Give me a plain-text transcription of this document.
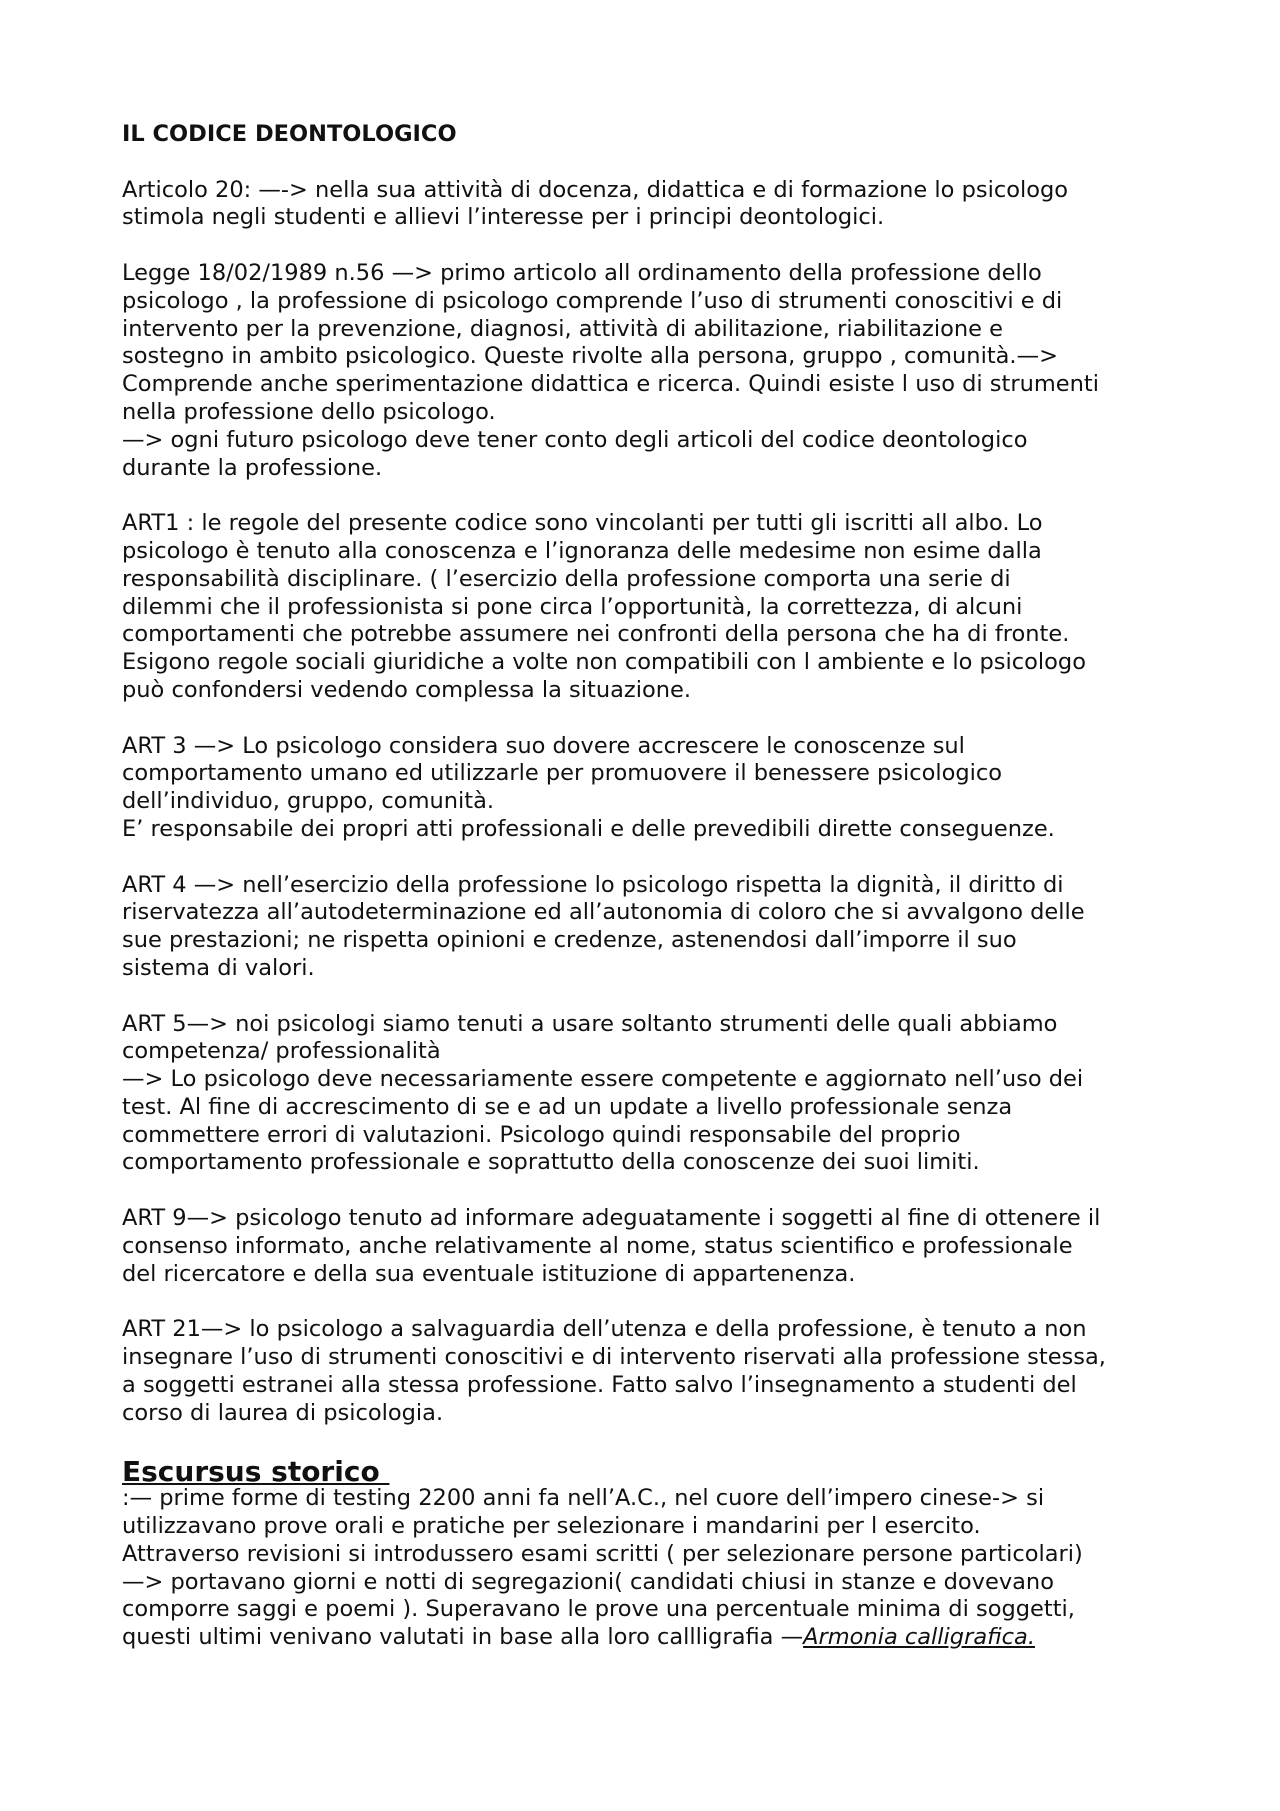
IL CODICE DEONTOLOGICO
Articolo 20: —-> nella sua attività di docenza, didattica e di formazione lo psicologo
stimola negli studenti e allievi l’interesse per i principi deontologici.
Legge 18/02/1989 n.56 —> primo articolo all ordinamento della professione dello
psicologo , la professione di psicologo comprende l’uso di strumenti conoscitivi e di
intervento per la prevenzione, diagnosi, attività di abilitazione, riabilitazione e
sostegno in ambito psicologico. Queste rivolte alla persona, gruppo , comunità.—>
Comprende anche sperimentazione didattica e ricerca. Quindi esiste l uso di strumenti
nella professione dello psicologo.
—> ogni futuro psicologo deve tener conto degli articoli del codice deontologico
durante la professione.
ART1 : le regole del presente codice sono vincolanti per tutti gli iscritti all albo. Lo
psicologo è tenuto alla conoscenza e l’ignoranza delle medesime non esime dalla
responsabilità disciplinare. ( l’esercizio della professione comporta una serie di
dilemmi che il professionista si pone circa l’opportunità, la correttezza, di alcuni
comportamenti che potrebbe assumere nei confronti della persona che ha di fronte.
Esigono regole sociali giuridiche a volte non compatibili con l ambiente e lo psicologo
può confondersi vedendo complessa la situazione.
ART 3 —> Lo psicologo considera suo dovere accrescere le conoscenze sul
comportamento umano ed utilizzarle per promuovere il benessere psicologico
dell’individuo, gruppo, comunità.
E’ responsabile dei propri atti professionali e delle prevedibili dirette conseguenze.
ART 4 —> nell’esercizio della professione lo psicologo rispetta la dignità, il diritto di
riservatezza all’autodeterminazione ed all’autonomia di coloro che si avvalgono delle
sue prestazioni; ne rispetta opinioni e credenze, astenendosi dall’imporre il suo
sistema di valori.
ART 5—> noi psicologi siamo tenuti a usare soltanto strumenti delle quali abbiamo
competenza/ professionalità
—> Lo psicologo deve necessariamente essere competente e aggiornato nell’uso dei
test. Al fine di accrescimento di se e ad un update a livello professionale senza
commettere errori di valutazioni. Psicologo quindi responsabile del proprio
comportamento professionale e soprattutto della conoscenze dei suoi limiti.
ART 9—> psicologo tenuto ad informare adeguatamente i soggetti al fine di ottenere il
consenso informato, anche relativamente al nome, status scientifico e professionale
del ricercatore e della sua eventuale istituzione di appartenenza.
ART 21—> lo psicologo a salvaguardia dell’utenza e della professione, è tenuto a non
insegnare l’uso di strumenti conoscitivi e di intervento riservati alla professione stessa,
a soggetti estranei alla stessa professione. Fatto salvo l’insegnamento a studenti del
corso di laurea di psicologia.
Escursus storico
:— prime forme di testing 2200 anni fa nell’A.C., nel cuore dell’impero cinese-> si
utilizzavano prove orali e pratiche per selezionare i mandarini per l esercito.
Attraverso revisioni si introdussero esami scritti ( per selezionare persone particolari)
—> portavano giorni e notti di segregazioni( candidati chiusi in stanze e dovevano
comporre saggi e poemi ). Superavano le prove una percentuale minima di soggetti,
questi ultimi venivano valutati in base alla loro callligrafia —Armonia calligrafica.
